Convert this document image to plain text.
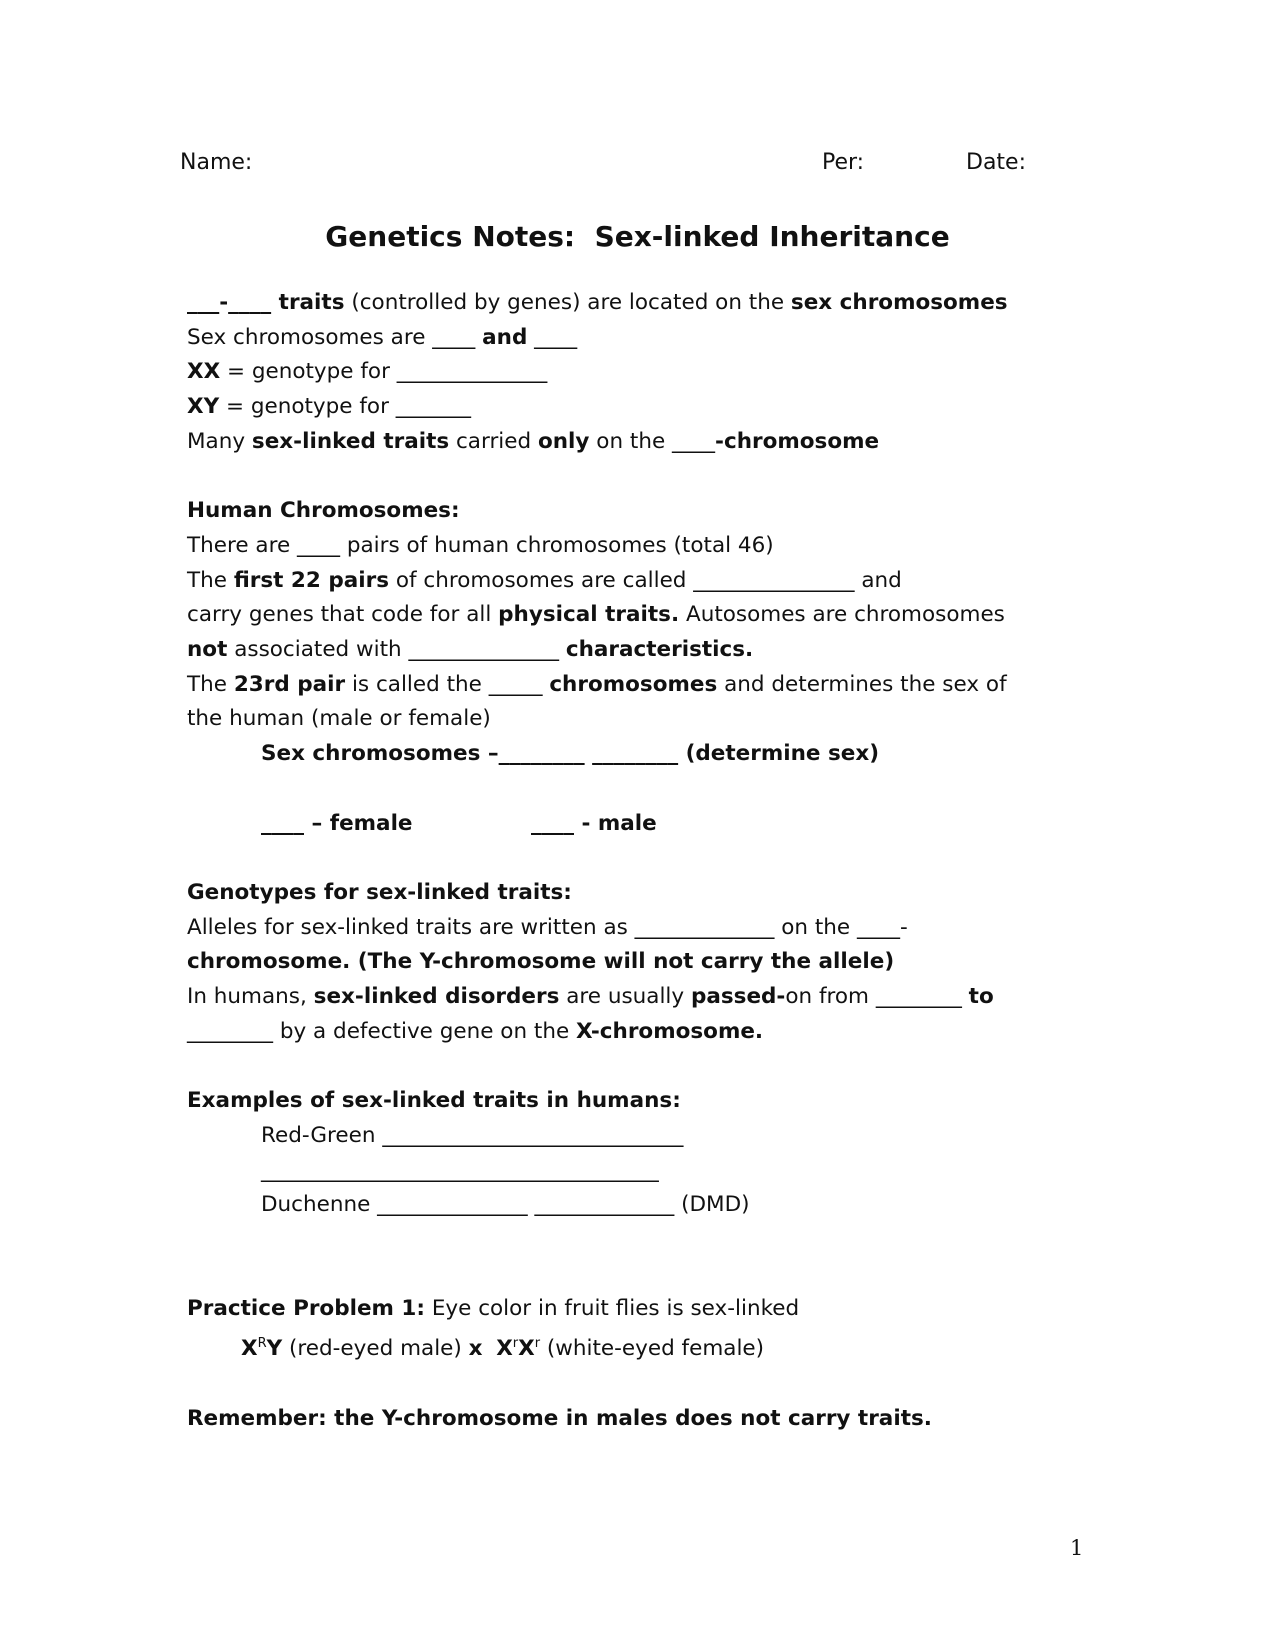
Name:	Per:	Date:
Genetics Notes:  Sex-linked Inheritance
___-____ traits (controlled by genes) are located on the sex chromosomes
Sex chromosomes are ____ and ____
XX = genotype for ______________
XY = genotype for _______
Many sex-linked traits carried only on the ____-chromosome
Human Chromosomes:
There are ____ pairs of human chromosomes (total 46)
The first 22 pairs of chromosomes are called _______________ and
carry genes that code for all physical traits. Autosomes are chromosomes
not associated with ______________ characteristics.
The 23rd pair is called the _____ chromosomes and determines the sex of
the human (male or female)
Sex chromosomes –________ ________ (determine sex)
____ – female	____ - male
Genotypes for sex-linked traits:
Alleles for sex-linked traits are written as _____________ on the ____-
chromosome. (The Y-chromosome will not carry the allele)
In humans, sex-linked disorders are usually passed-on from ________ to
________ by a defective gene on the X-chromosome.
Examples of sex-linked traits in humans:
Red-Green ____________________________
_____________________________________
Duchenne ______________ _____________ (DMD)
Practice Problem 1: Eye color in fruit flies is sex-linked
$X^RY$ (red-eyed male) x $X^rX^r$ (white-eyed female)
Remember: the Y-chromosome in males does not carry traits.
1
